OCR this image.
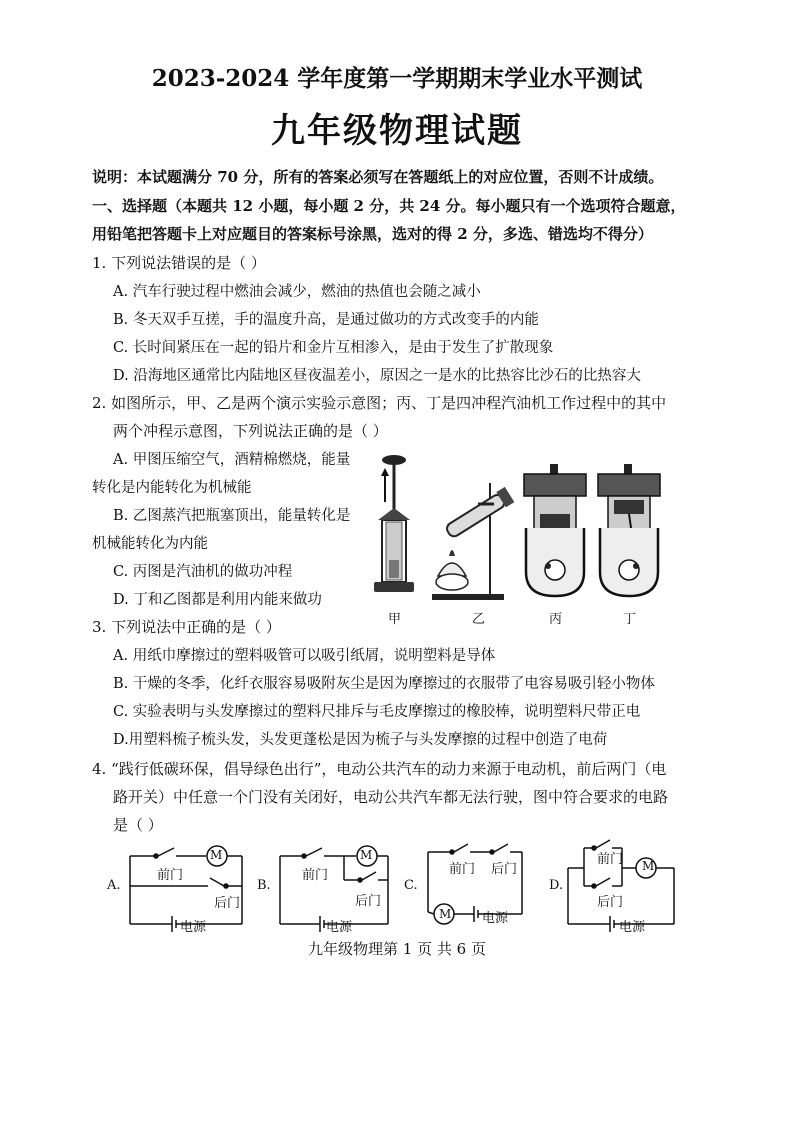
2023-2024 学年度第一学期期末学业水平测试
九年级物理试题
说明：本试题满分 70 分，所有的答案必须写在答题纸上的对应位置，否则不计成绩。
一、选择题（本题共 12 小题，每小题 2 分，共 24 分。每小题只有一个选项符合题意，
用铅笔把答题卡上对应题目的答案标号涂黑，选对的得 2 分，多选、错选均不得分）
1. 下列说法错误的是（ ）
A. 汽车行驶过程中燃油会减少，燃油的热值也会随之减小
B. 冬天双手互搓，手的温度升高，是通过做功的方式改变手的内能
C. 长时间紧压在一起的铅片和金片互相渗入，是由于发生了扩散现象
D. 沿海地区通常比内陆地区昼夜温差小，原因之一是水的比热容比沙石的比热容大
2. 如图所示，甲、乙是两个演示实验示意图；丙、丁是四冲程汽油机工作过程中的其中
两个冲程示意图，下列说法正确的是（ ）
A. 甲图压缩空气，酒精棉燃烧，能量
转化是内能转化为机械能
B. 乙图蒸汽把瓶塞顶出，能量转化是
机械能转化为内能
C. 丙图是汽油机的做功冲程
D. 丁和乙图都是利用内能来做功
甲	乙	丙	丁
3. 下列说法中正确的是（ ）
A. 用纸巾摩擦过的塑料吸管可以吸引纸屑，说明塑料是导体
B. 干燥的冬季，化纤衣服容易吸附灰尘是因为摩擦过的衣服带了电容易吸引轻小物体
C. 实验表明与头发摩擦过的塑料尺排斥与毛皮摩擦过的橡胶棒，说明塑料尺带正电
D.用塑料梳子梳头发，头发更蓬松是因为梳子与头发摩擦的过程中创造了电荷
4. “践行低碳环保，倡导绿色出行”，电动公共汽车的动力来源于电动机，前后两门（电
路开关）中任意一个门没有关闭好，电动公共汽车都无法行驶，图中符合要求的电路
是（ ）
A.	B.	C.	D.
M
前门
后门
电源
M
前门
后门
电源
M
前门 后门
电源
M
前门
后门
电源
九年级物理第 1 页 共 6 页
